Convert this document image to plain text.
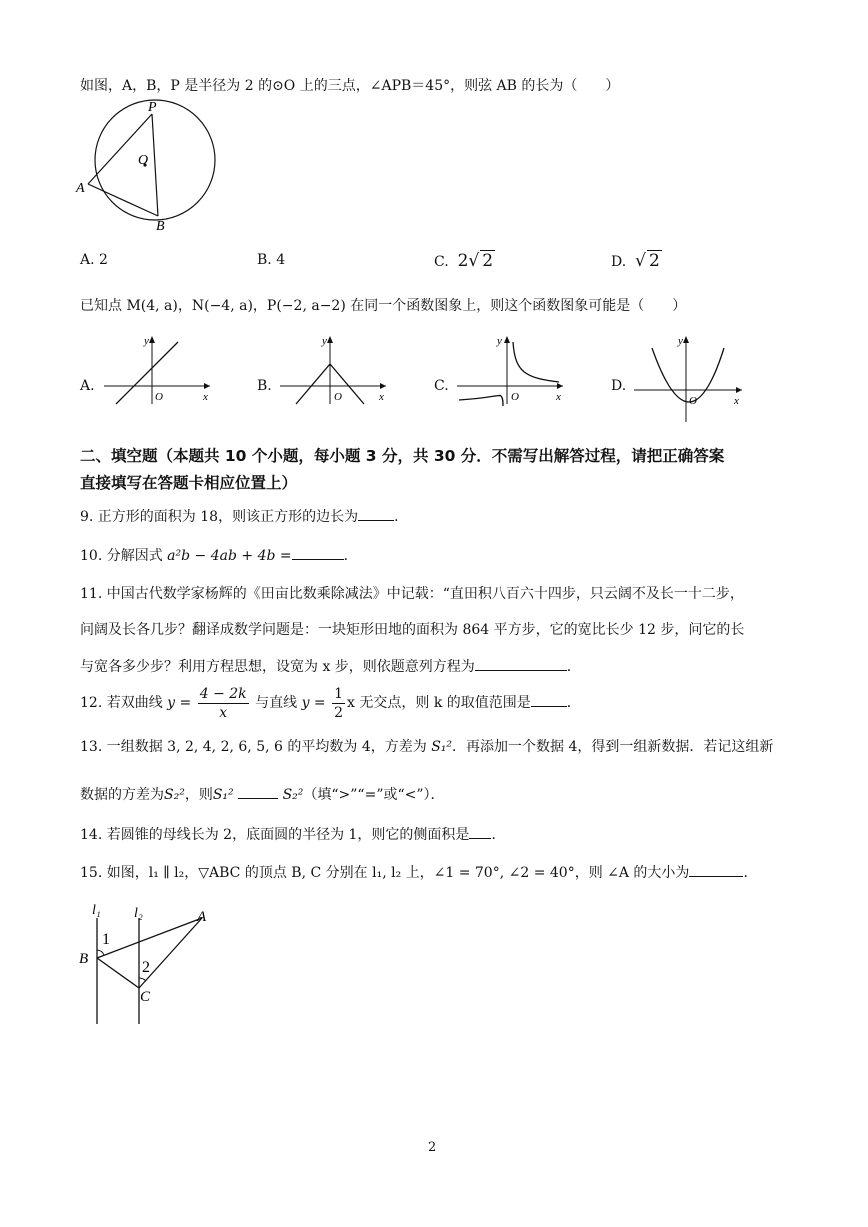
如图，A，B，P 是半径为 2 的⊙O 上的三点，∠APB＝45°，则弦 AB 的长为（　　）
P
O
A
B
A. 2	B. 4	C. 2√ 2	D. √ 2
已知点 M(4, a)，N(−4, a)，P(−2, a−2) 在同一个函数图象上，则这个函数图象可能是（　　）
A.
y
x
O
B.
y
x
O
C.
y
x
O
D.
y
x
O
二、填空题（本题共 10 个小题，每小题 3 分，共 30 分．不需写出解答过程，请把正确答案
直接填写在答题卡相应位置上）
9. 正方形的面积为 18，则该正方形的边长为	．
10. 分解因式 a²b − 4ab + 4b =	．
11. 中国古代数学家杨辉的《田亩比数乘除减法》中记载：“直田积八百六十四步，只云阔不及长一十二步，
问阔及长各几步？翻译成数学问题是：一块矩形田地的面积为 864 平方步，它的宽比长少 12 步，问它的长
与宽各多少步？利用方程思想，设宽为 x 步，则依题意列方程为	．
12. 若双曲线 $y = \frac{4 - 2k}{x}$ 与直线 $y = \frac{1}{2}$ x 无交点，则 k 的取值范围是	．
13. 一组数据 3, 2, 4, 2, 6, 5, 6 的平均数为 4，方差为 S₁²．再添加一个数据 4，得到一组新数据．若记这组新
数据的方差为S₂²，则S₁²	S₂²（填“>”“=”或“<”）．
14. 若圆锥的母线长为 2，底面圆的半径为 1，则它的侧面积是 ．
15. 如图，l₁ ∥ l₂，▽ABC 的顶点 B, C 分别在 l₁, l₂ 上，∠1 = 70°, ∠2 = 40°，则 ∠A 的大小为	．
l₁ l₂	A
B
C
1
2
2
